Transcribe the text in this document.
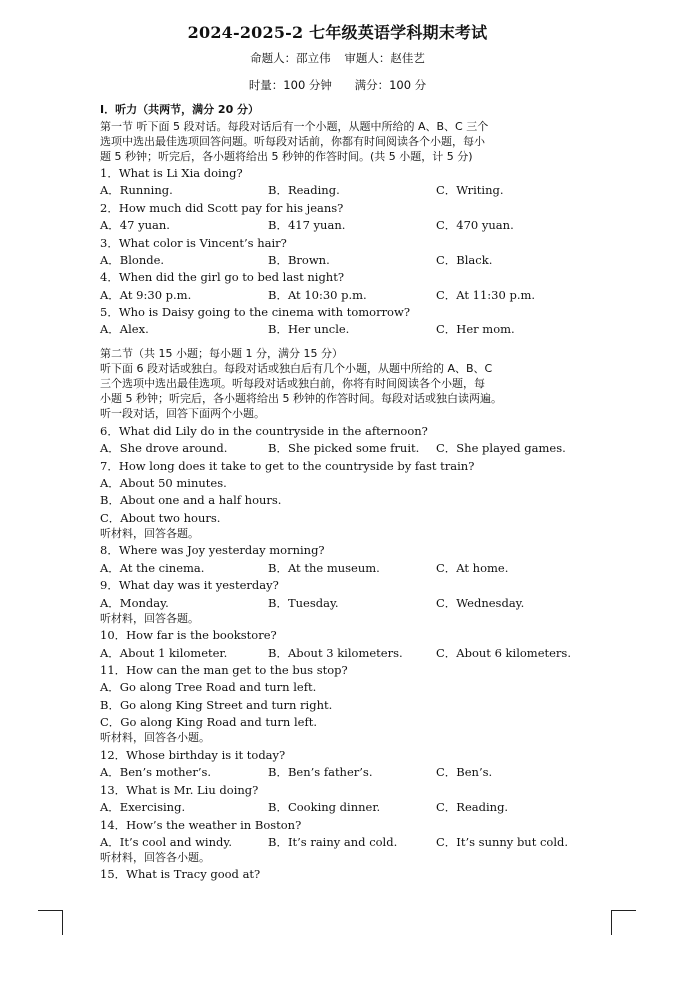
2024-2025-2 七年级英语学科期末考试
命题人：邵立伟 审题人：赵佳艺
时量：100 分钟 满分：100 分
I．听力（共两节，满分 20 分）
第一节 听下面 5 段对话。每段对话后有一个小题，从题中所给的 A、B、C 三个
选项中选出最佳选项回答问题。听每段对话前，你都有时间阅读各个小题，每小
题 5 秒钟；听完后，各小题将给出 5 秒钟的作答时间。(共 5 小题，计 5 分)
1．What is Li Xia doing?
A．Running.	B．Reading.	C．Writing.
2．How much did Scott pay for his jeans?
A．47 yuan.	B．417 yuan.	C．470 yuan.
3．What color is Vincent’s hair?
A．Blonde.	B．Brown.	C．Black.
4．When did the girl go to bed last night?
A．At 9:30 p.m.	B．At 10:30 p.m.	C．At 11:30 p.m.
5．Who is Daisy going to the cinema with tomorrow?
A．Alex.	B．Her uncle.	C．Her mom.
第二节（共 15 小题；每小题 1 分，满分 15 分）
听下面 6 段对话或独白。每段对话或独白后有几个小题，从题中所给的 A、B、C
三个选项中选出最佳选项。听每段对话或独白前，你将有时间阅读各个小题，每
小题 5 秒钟；听完后，各小题将给出 5 秒钟的作答时间。每段对话或独白读两遍。
听一段对话，回答下面两个小题。
6．What did Lily do in the countryside in the afternoon?
A．She drove around.	B．She picked some fruit. C．She played games.
7．How long does it take to get to the countryside by fast train?
A．About 50 minutes.
B．About one and a half hours.
C．About two hours.
听材料，回答各题。
8．Where was Joy yesterday morning?
A．At the cinema.	B．At the museum.	C．At home.
9．What day was it yesterday?
A．Monday.	B．Tuesday.	C．Wednesday.
听材料，回答各题。
10．How far is the bookstore?
A．About 1 kilometer.	B．About 3 kilometers.	C．About 6 kilometers.
11．How can the man get to the bus stop?
A．Go along Tree Road and turn left.
B．Go along King Street and turn right.
C．Go along King Road and turn left.
听材料，回答各小题。
12．Whose birthday is it today?
A．Ben’s mother’s.	B．Ben’s father’s.	C．Ben’s.
13．What is Mr. Liu doing?
A．Exercising.	B．Cooking dinner.	C．Reading.
14．How’s the weather in Boston?
A．It’s cool and windy.	B．It’s rainy and cold.	C．It’s sunny but cold.
听材料，回答各小题。
15．What is Tracy good at?
